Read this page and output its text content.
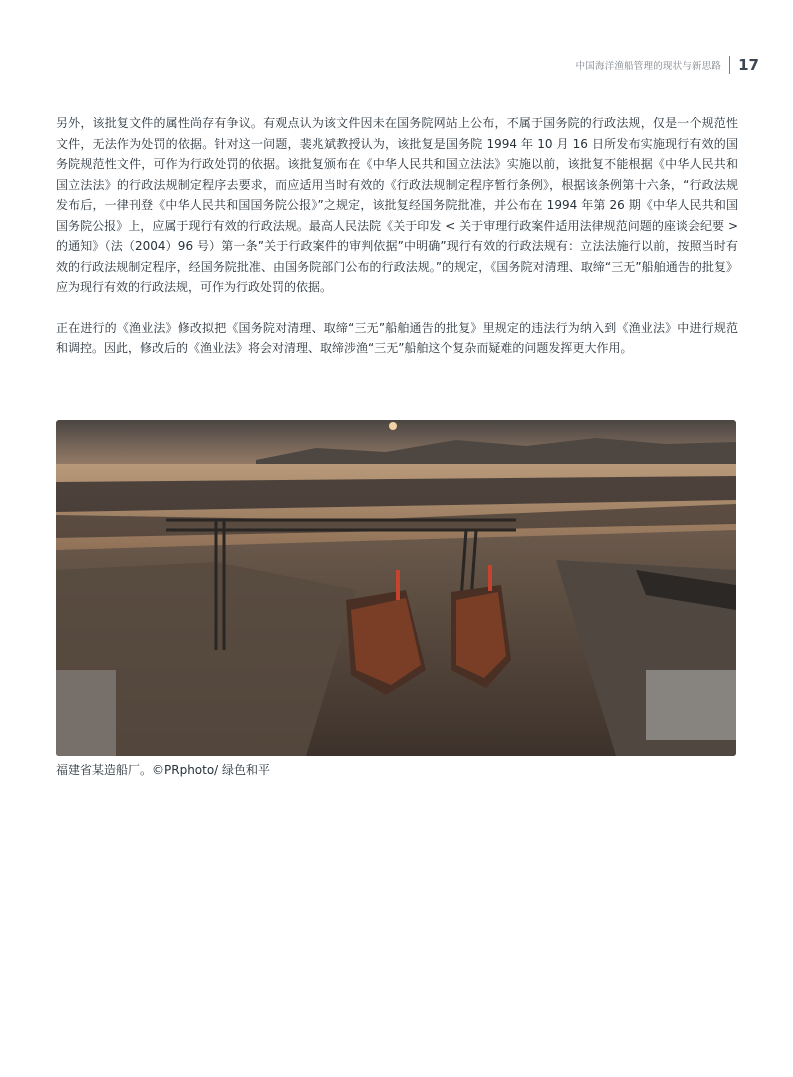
中国海洋渔船管理的现状与新思路 17

另外，该批复文件的属性尚存有争议。有观点认为该文件因未在国务院网站上公布，不属于国务院的行政法规，仅是一个规范性文件，无法作为处罚的依据。针对这一问题，裴兆斌教授认为，该批复是国务院 1994 年 10 月 16 日所发布实施现行有效的国务院规范性文件，可作为行政处罚的依据。该批复颁布在《中华人民共和国立法法》实施以前，该批复不能根据《中华人民共和国立法法》的行政法规制定程序去要求，而应适用当时有效的《行政法规制定程序暂行条例》，根据该条例第十六条，“行政法规发布后，一律刊登《中华人民共和国国务院公报》”之规定，该批复经国务院批准，并公布在 1994 年第 26 期《中华人民共和国国务院公报》上，应属于现行有效的行政法规。最高人民法院《关于印发 < 关于审理行政案件适用法律规范问题的座谈会纪要 > 的通知》（法（2004）96 号）第一条”关于行政案件的审判依据”中明确”现行有效的行政法规有：立法法施行以前，按照当时有效的行政法规制定程序，经国务院批准、由国务院部门公布的行政法规。”的规定，《国务院对清理、取缔“三无”船舶通告的批复》应为现行有效的行政法规，可作为行政处罚的依据。

正在进行的《渔业法》修改拟把《国务院对清理、取缔“三无”船舶通告的批复》里规定的违法行为纳入到《渔业法》中进行规范和调控。因此，修改后的《渔业法》将会对清理、取缔涉渔“三无”船舶这个复杂而疑难的问题发挥更大作用。

福建省某造船厂。©PRphoto/ 绿色和平
